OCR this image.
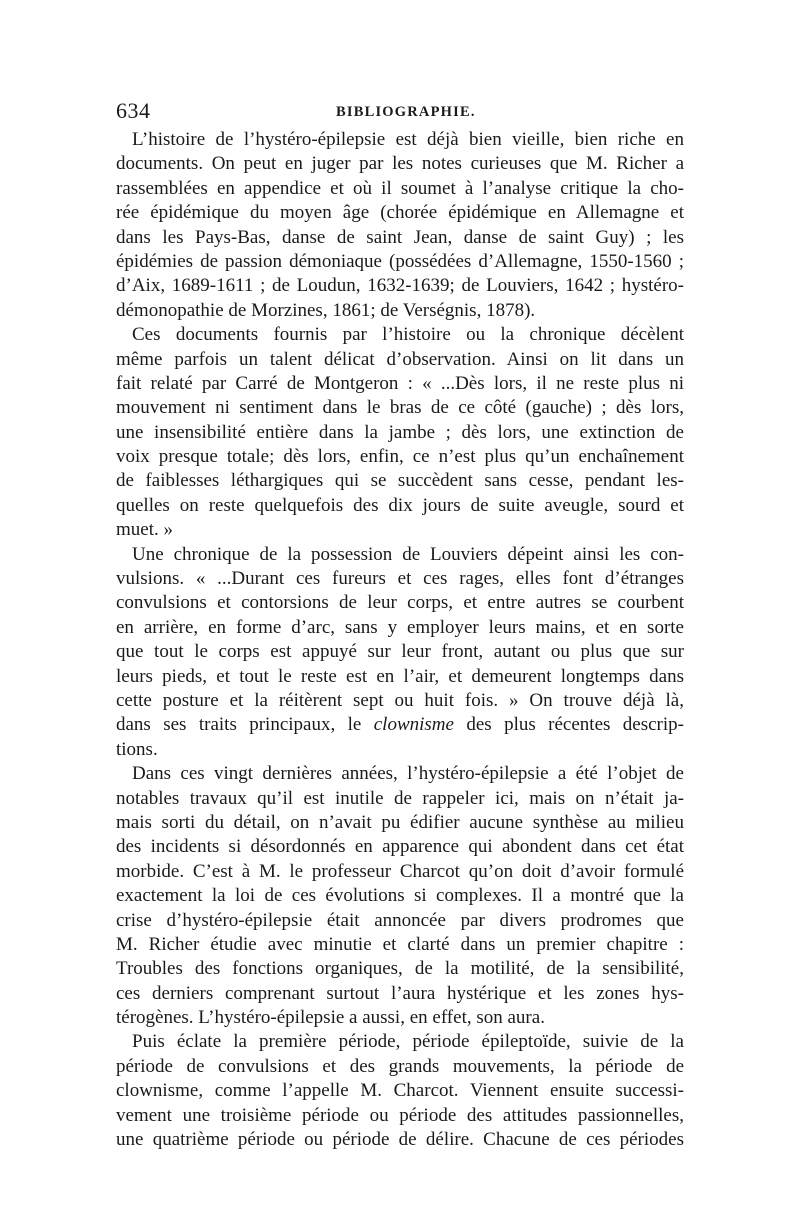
634	BIBLIOGRAPHIE.
L’histoire de l’hystéro-épilepsie est déjà bien vieille, bien riche en
documents. On peut en juger par les notes curieuses que M. Richer a
rassemblées en appendice et où il soumet à l’analyse critique la cho-
rée épidémique du moyen âge (chorée épidémique en Allemagne et
dans les Pays-Bas, danse de saint Jean, danse de saint Guy) ; les
épidémies de passion démoniaque (possédées d’Allemagne, 1550-1560 ;
d’Aix, 1689-1611 ; de Loudun, 1632-1639; de Louviers, 1642 ; hystéro-
démonopathie de Morzines, 1861; de Verségnis, 1878).
Ces documents fournis par l’histoire ou la chronique décèlent
même parfois un talent délicat d’observation. Ainsi on lit dans un
fait relaté par Carré de Montgeron : « ...Dès lors, il ne reste plus ni
mouvement ni sentiment dans le bras de ce côté (gauche) ; dès lors,
une insensibilité entière dans la jambe ; dès lors, une extinction de
voix presque totale; dès lors, enfin, ce n’est plus qu’un enchaînement
de faiblesses léthargiques qui se succèdent sans cesse, pendant les-
quelles on reste quelquefois des dix jours de suite aveugle, sourd et
muet. »
Une chronique de la possession de Louviers dépeint ainsi les con-
vulsions. « ...Durant ces fureurs et ces rages, elles font d’étranges
convulsions et contorsions de leur corps, et entre autres se courbent
en arrière, en forme d’arc, sans y employer leurs mains, et en sorte
que tout le corps est appuyé sur leur front, autant ou plus que sur
leurs pieds, et tout le reste est en l’air, et demeurent longtemps dans
cette posture et la réitèrent sept ou huit fois. » On trouve déjà là,
dans ses traits principaux, le clownisme des plus récentes descrip-
tions.
Dans ces vingt dernières années, l’hystéro-épilepsie a été l’objet de
notables travaux qu’il est inutile de rappeler ici, mais on n’était ja-
mais sorti du détail, on n’avait pu édifier aucune synthèse au milieu
des incidents si désordonnés en apparence qui abondent dans cet état
morbide. C’est à M. le professeur Charcot qu’on doit d’avoir formulé
exactement la loi de ces évolutions si complexes. Il a montré que la
crise d’hystéro-épilepsie était annoncée par divers prodromes que
M. Richer étudie avec minutie et clarté dans un premier chapitre :
Troubles des fonctions organiques, de la motilité, de la sensibilité,
ces derniers comprenant surtout l’aura hystérique et les zones hys-
térogènes. L’hystéro-épilepsie a aussi, en effet, son aura.
Puis éclate la première période, période épileptoïde, suivie de la
période de convulsions et des grands mouvements, la période de
clownisme, comme l’appelle M. Charcot. Viennent ensuite successi-
vement une troisième période ou période des attitudes passionnelles,
une quatrième période ou période de délire. Chacune de ces périodes
